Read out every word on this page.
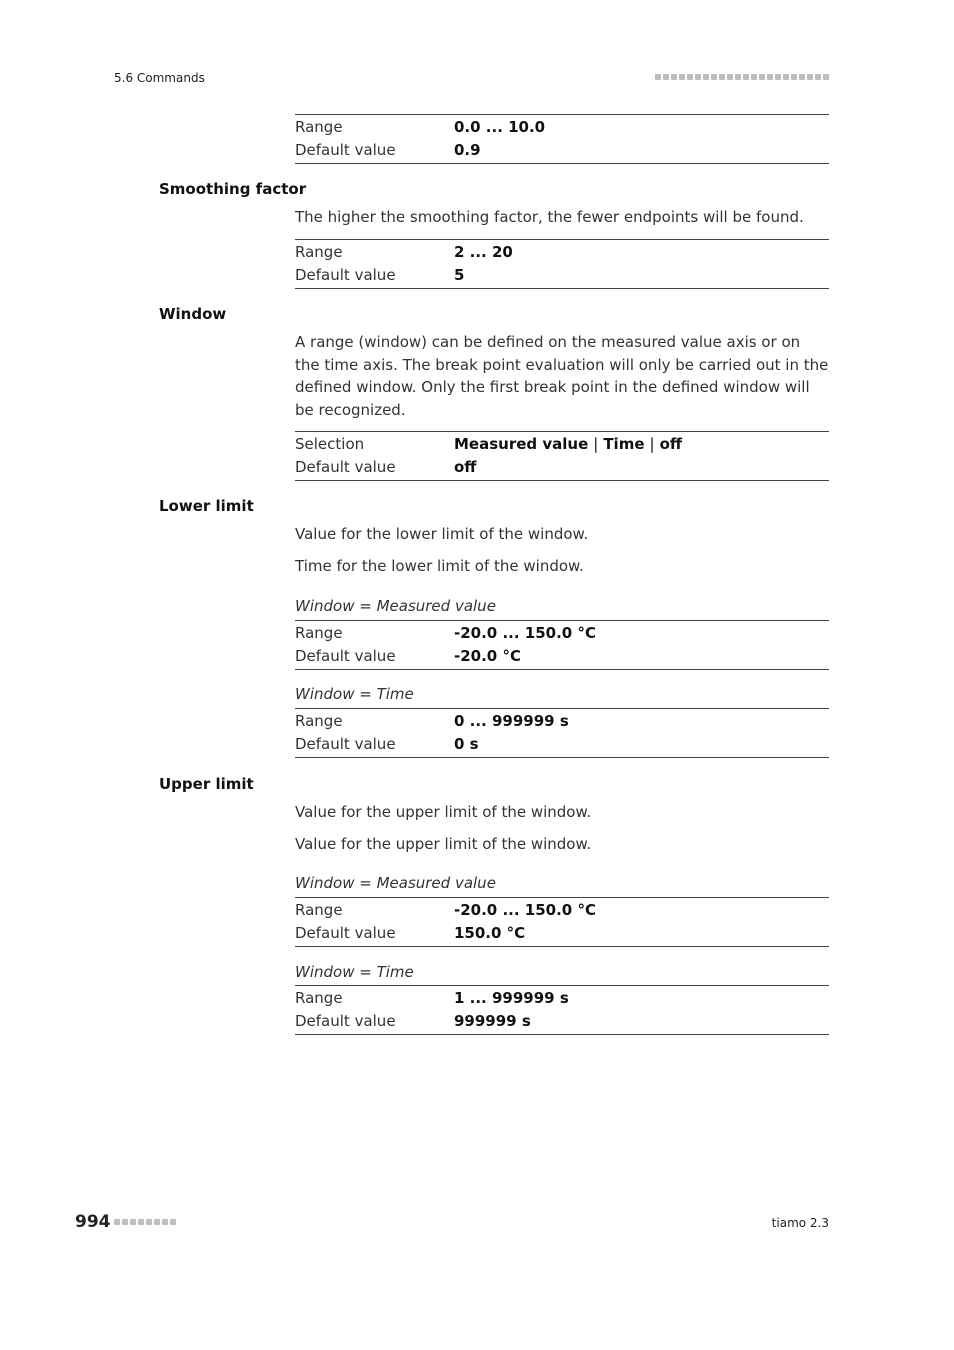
5.6 Commands
Range	0.0 ... 10.0
Default value	0.9
Smoothing factor

The higher the smoothing factor, the fewer endpoints will be found.

Range	2 ... 20
Default value	5
Window

A range (window) can be defined on the measured value axis or on the time axis. The break point evaluation will only be carried out in the defined window. Only the first break point in the defined window will be recognized.

Selection	Measured value | Time | off
Default value	off
Lower limit

Value for the lower limit of the window.

Time for the lower limit of the window.

Window = Measured value
Range	-20.0 ... 150.0 °C
Default value	-20.0 °C
Window = Time
Range	0 ... 999999 s
Default value	0 s
Upper limit

Value for the upper limit of the window.

Value for the upper limit of the window.

Window = Measured value
Range	-20.0 ... 150.0 °C
Default value	150.0 °C
Window = Time
Range	1 ... 999999 s
Default value	999999 s
994	tiamo 2.3
